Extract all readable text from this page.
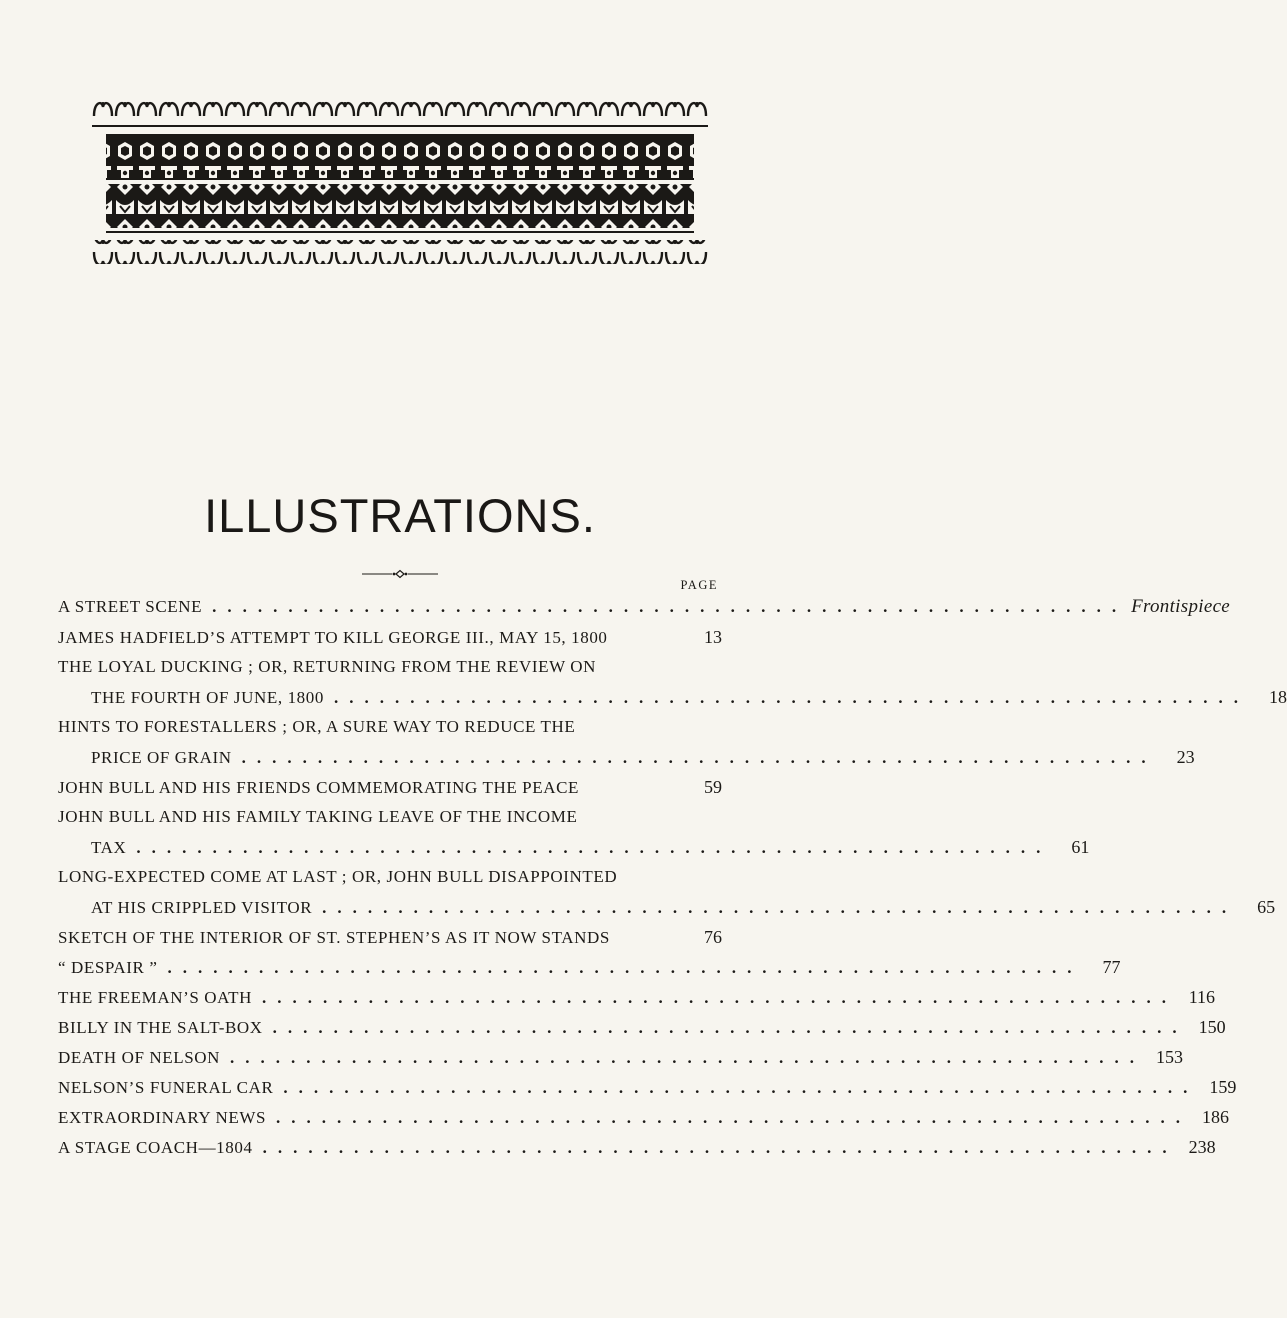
ILLUSTRATIONS.
PAGE
A STREET SCENE ............................................................ Frontispiece
JAMES HADFIELD’S ATTEMPT TO KILL GEORGE III., MAY 15, 1800	13
THE LOYAL DUCKING ; OR, RETURNING FROM THE REVIEW ON
THE FOURTH OF JUNE, 1800 ............................................................	18
HINTS TO FORESTALLERS ; OR, A SURE WAY TO REDUCE THE
PRICE OF GRAIN ............................................................	23
JOHN BULL AND HIS FRIENDS COMMEMORATING THE PEACE	59
JOHN BULL AND HIS FAMILY TAKING LEAVE OF THE INCOME
TAX ............................................................	61
LONG-EXPECTED COME AT LAST ; OR, JOHN BULL DISAPPOINTED
AT HIS CRIPPLED VISITOR ............................................................	65
SKETCH OF THE INTERIOR OF ST. STEPHEN’S AS IT NOW STANDS	76
“ DESPAIR ” ............................................................	77
THE FREEMAN’S OATH ............................................................ 116
BILLY IN THE SALT-BOX ............................................................ 150
DEATH OF NELSON ............................................................ 153
NELSON’S FUNERAL CAR ............................................................ 159
EXTRAORDINARY NEWS ............................................................ 186
A STAGE COACH—1804 ............................................................ 238
